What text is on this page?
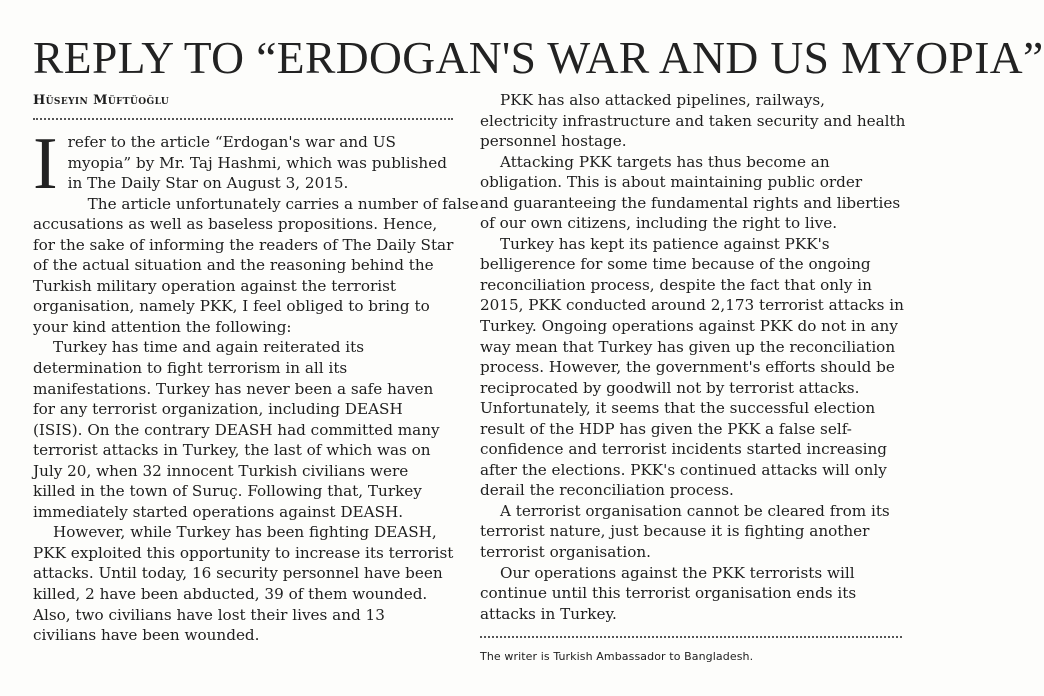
REPLY TO “ERDOGAN'S WAR AND US MYOPIA”
Hüseyin Müftüoğlu

Irefer to the article “Erdogan's war and US myopia” by Mr. Taj Hashmi, which was published in The Daily Star on August 3, 2015.

The article unfortunately carries a number of false

accusations as well as baseless propositions. Hence,

for the sake of informing the readers of The Daily Star

of the actual situation and the reasoning behind the

Turkish military operation against the terrorist

organisation, namely PKK, I feel obliged to bring to

your kind attention the following:

Turkey has time and again reiterated its

determination to fight terrorism in all its

manifestations. Turkey has never been a safe haven

for any terrorist organization, including DEASH

(ISIS). On the contrary DEASH had committed many

terrorist attacks in Turkey, the last of which was on

July 20, when 32 innocent Turkish civilians were

killed in the town of Suruç. Following that, Turkey

immediately started operations against DEASH.

However, while Turkey has been fighting DEASH,

PKK exploited this opportunity to increase its terrorist

attacks. Until today, 16 security personnel have been

killed, 2 have been abducted, 39 of them wounded.

Also, two civilians have lost their lives and 13

civilians have been wounded.

PKK has also attacked pipelines, railways,

electricity infrastructure and taken security and health

personnel hostage.

Attacking PKK targets has thus become an

obligation. This is about maintaining public order

and guaranteeing the fundamental rights and liberties

of our own citizens, including the right to live.

Turkey has kept its patience against PKK's

belligerence for some time because of the ongoing

reconciliation process, despite the fact that only in

2015, PKK conducted around 2,173 terrorist attacks in

Turkey. Ongoing operations against PKK do not in any

way mean that Turkey has given up the reconciliation

process. However, the government's efforts should be

reciprocated by goodwill not by terrorist attacks.

Unfortunately, it seems that the successful election

result of the HDP has given the PKK a false self-

confidence and terrorist incidents started increasing

after the elections. PKK's continued attacks will only

derail the reconciliation process.

A terrorist organisation cannot be cleared from its

terrorist nature, just because it is fighting another

terrorist organisation.

Our operations against the PKK terrorists will

continue until this terrorist organisation ends its

attacks in Turkey.

The writer is Turkish Ambassador to Bangladesh.
